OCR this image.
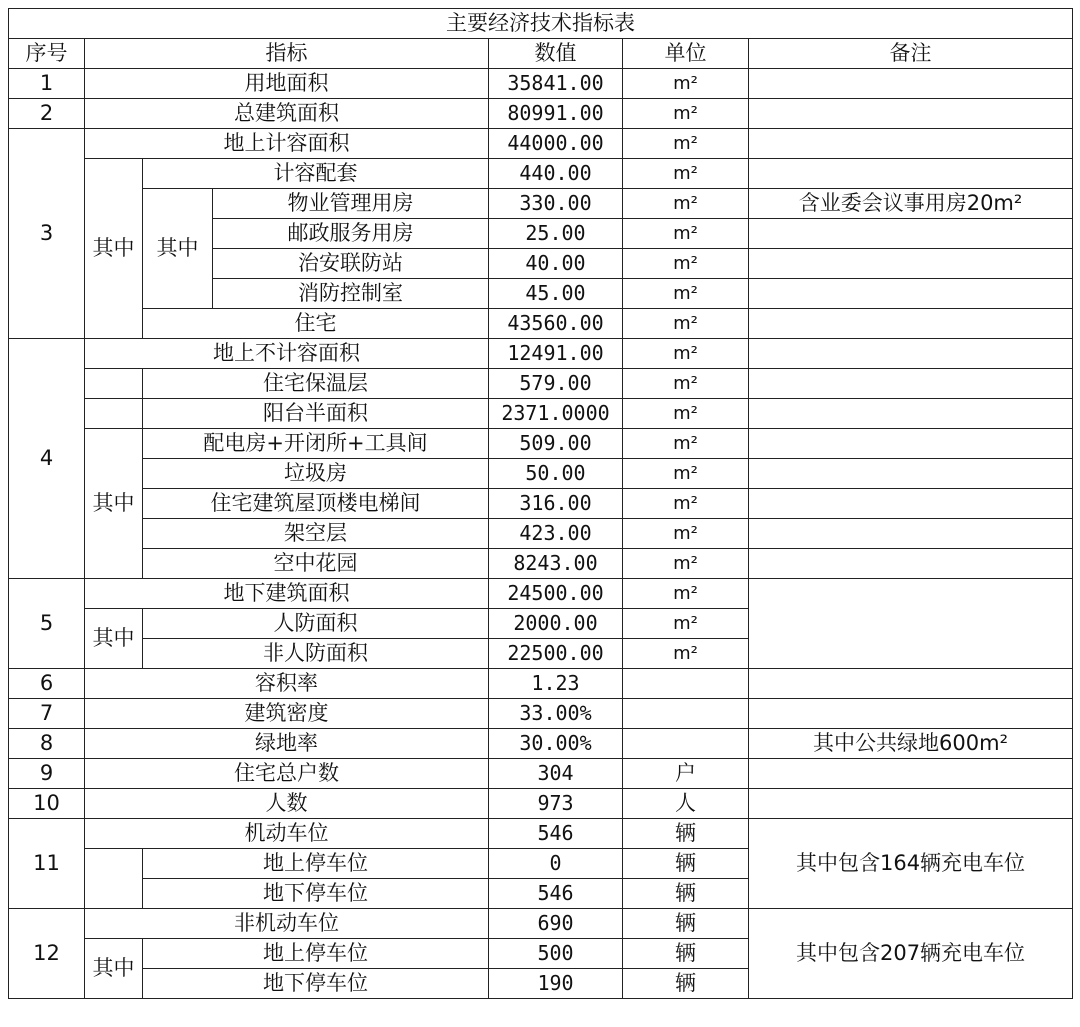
主要经济技术指标表						
序号	指标			数值	单位	备注
1	用地面积			35841.00	m²	
2	总建筑面积			80991.00	m²	
3	地上计容面积			44000.00	m²	
	其中	计容配套		440.00	m²	
		其中	物业管理用房	330.00	m²	含业委会议事用房20m²
			邮政服务用房	25.00	m²	
			治安联防站	40.00	m²	
			消防控制室	45.00	m²	
		住宅		43560.00	m²	
4	地上不计容面积			12491.00	m²	
		住宅保温层		579.00	m²	
		阳台半面积		2371.0000	m²	
	其中	配电房+开闭所+工具间		509.00	m²	
		垃圾房		50.00	m²	
		住宅建筑屋顶楼电梯间		316.00	m²	
		架空层		423.00	m²	
		空中花园		8243.00	m²	
5	地下建筑面积			24500.00	m²	
	其中	人防面积		2000.00	m²	
		非人防面积		22500.00	m²	
6	容积率			1.23		
7	建筑密度			33.00%		
8	绿地率			30.00%		其中公共绿地600m²
9	住宅总户数			304	户	
10	人数			973	人	
11	机动车位			546	辆	其中包含164辆充电车位
		地上停车位		0	辆	
		地下停车位		546	辆	
12	非机动车位			690	辆	其中包含207辆充电车位
	其中	地上停车位		500	辆	
		地下停车位		190	辆	
